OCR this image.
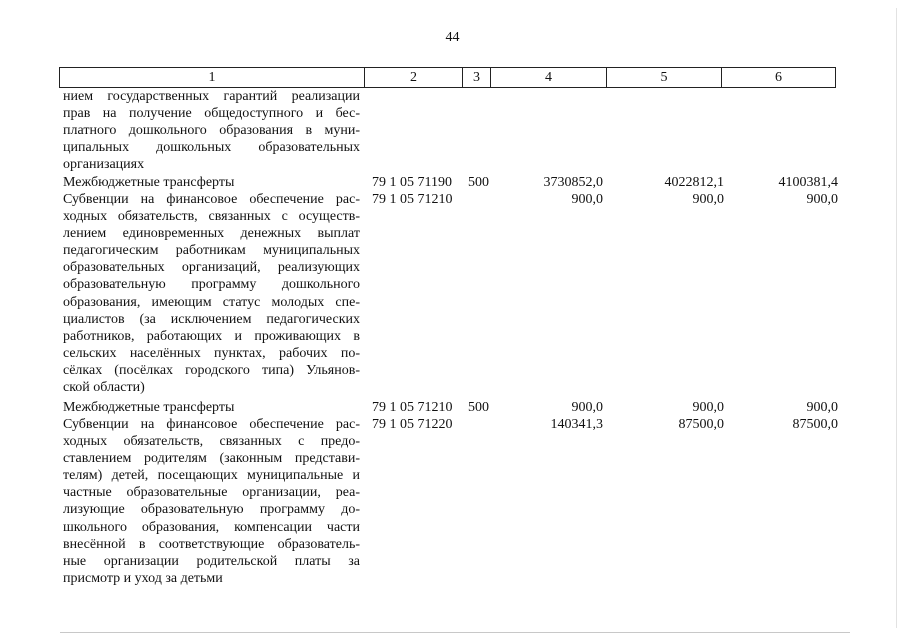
44
1	2	3	4	5	6
нием государственных гарантий реализации
прав на получение общедоступного и бес-
платного дошкольного образования в муни-
ципальных дошкольных образовательных
организациях
Межбюджетные трансферты	79 1 05 71190 500	3730852,0	4022812,1	4100381,4
Субвенции на финансовое обеспечение рас-
ходных обязательств, связанных с осуществ-
лением единовременных денежных выплат
педагогическим работникам муниципальных
образовательных организаций, реализующих
образовательную программу дошкольного
образования, имеющим статус молодых спе-
циалистов (за исключением педагогических
работников, работающих и проживающих в
сельских населённых пунктах, рабочих по-
сёлках (посёлках городского типа) Ульянов-
ской области)
79 1 05 71210	900,0	900,0	900,0
Межбюджетные трансферты	79 1 05 71210 500	900,0	900,0	900,0
Субвенции на финансовое обеспечение рас-
ходных обязательств, связанных с предо-
ставлением родителям (законным представи-
телям) детей, посещающих муниципальные и
частные образовательные организации, реа-
лизующие образовательную программу до-
школьного образования, компенсации части
внесённой в соответствующие образователь-
ные организации родительской платы за
присмотр и уход за детьми
79 1 05 71220	140341,3	87500,0	87500,0
